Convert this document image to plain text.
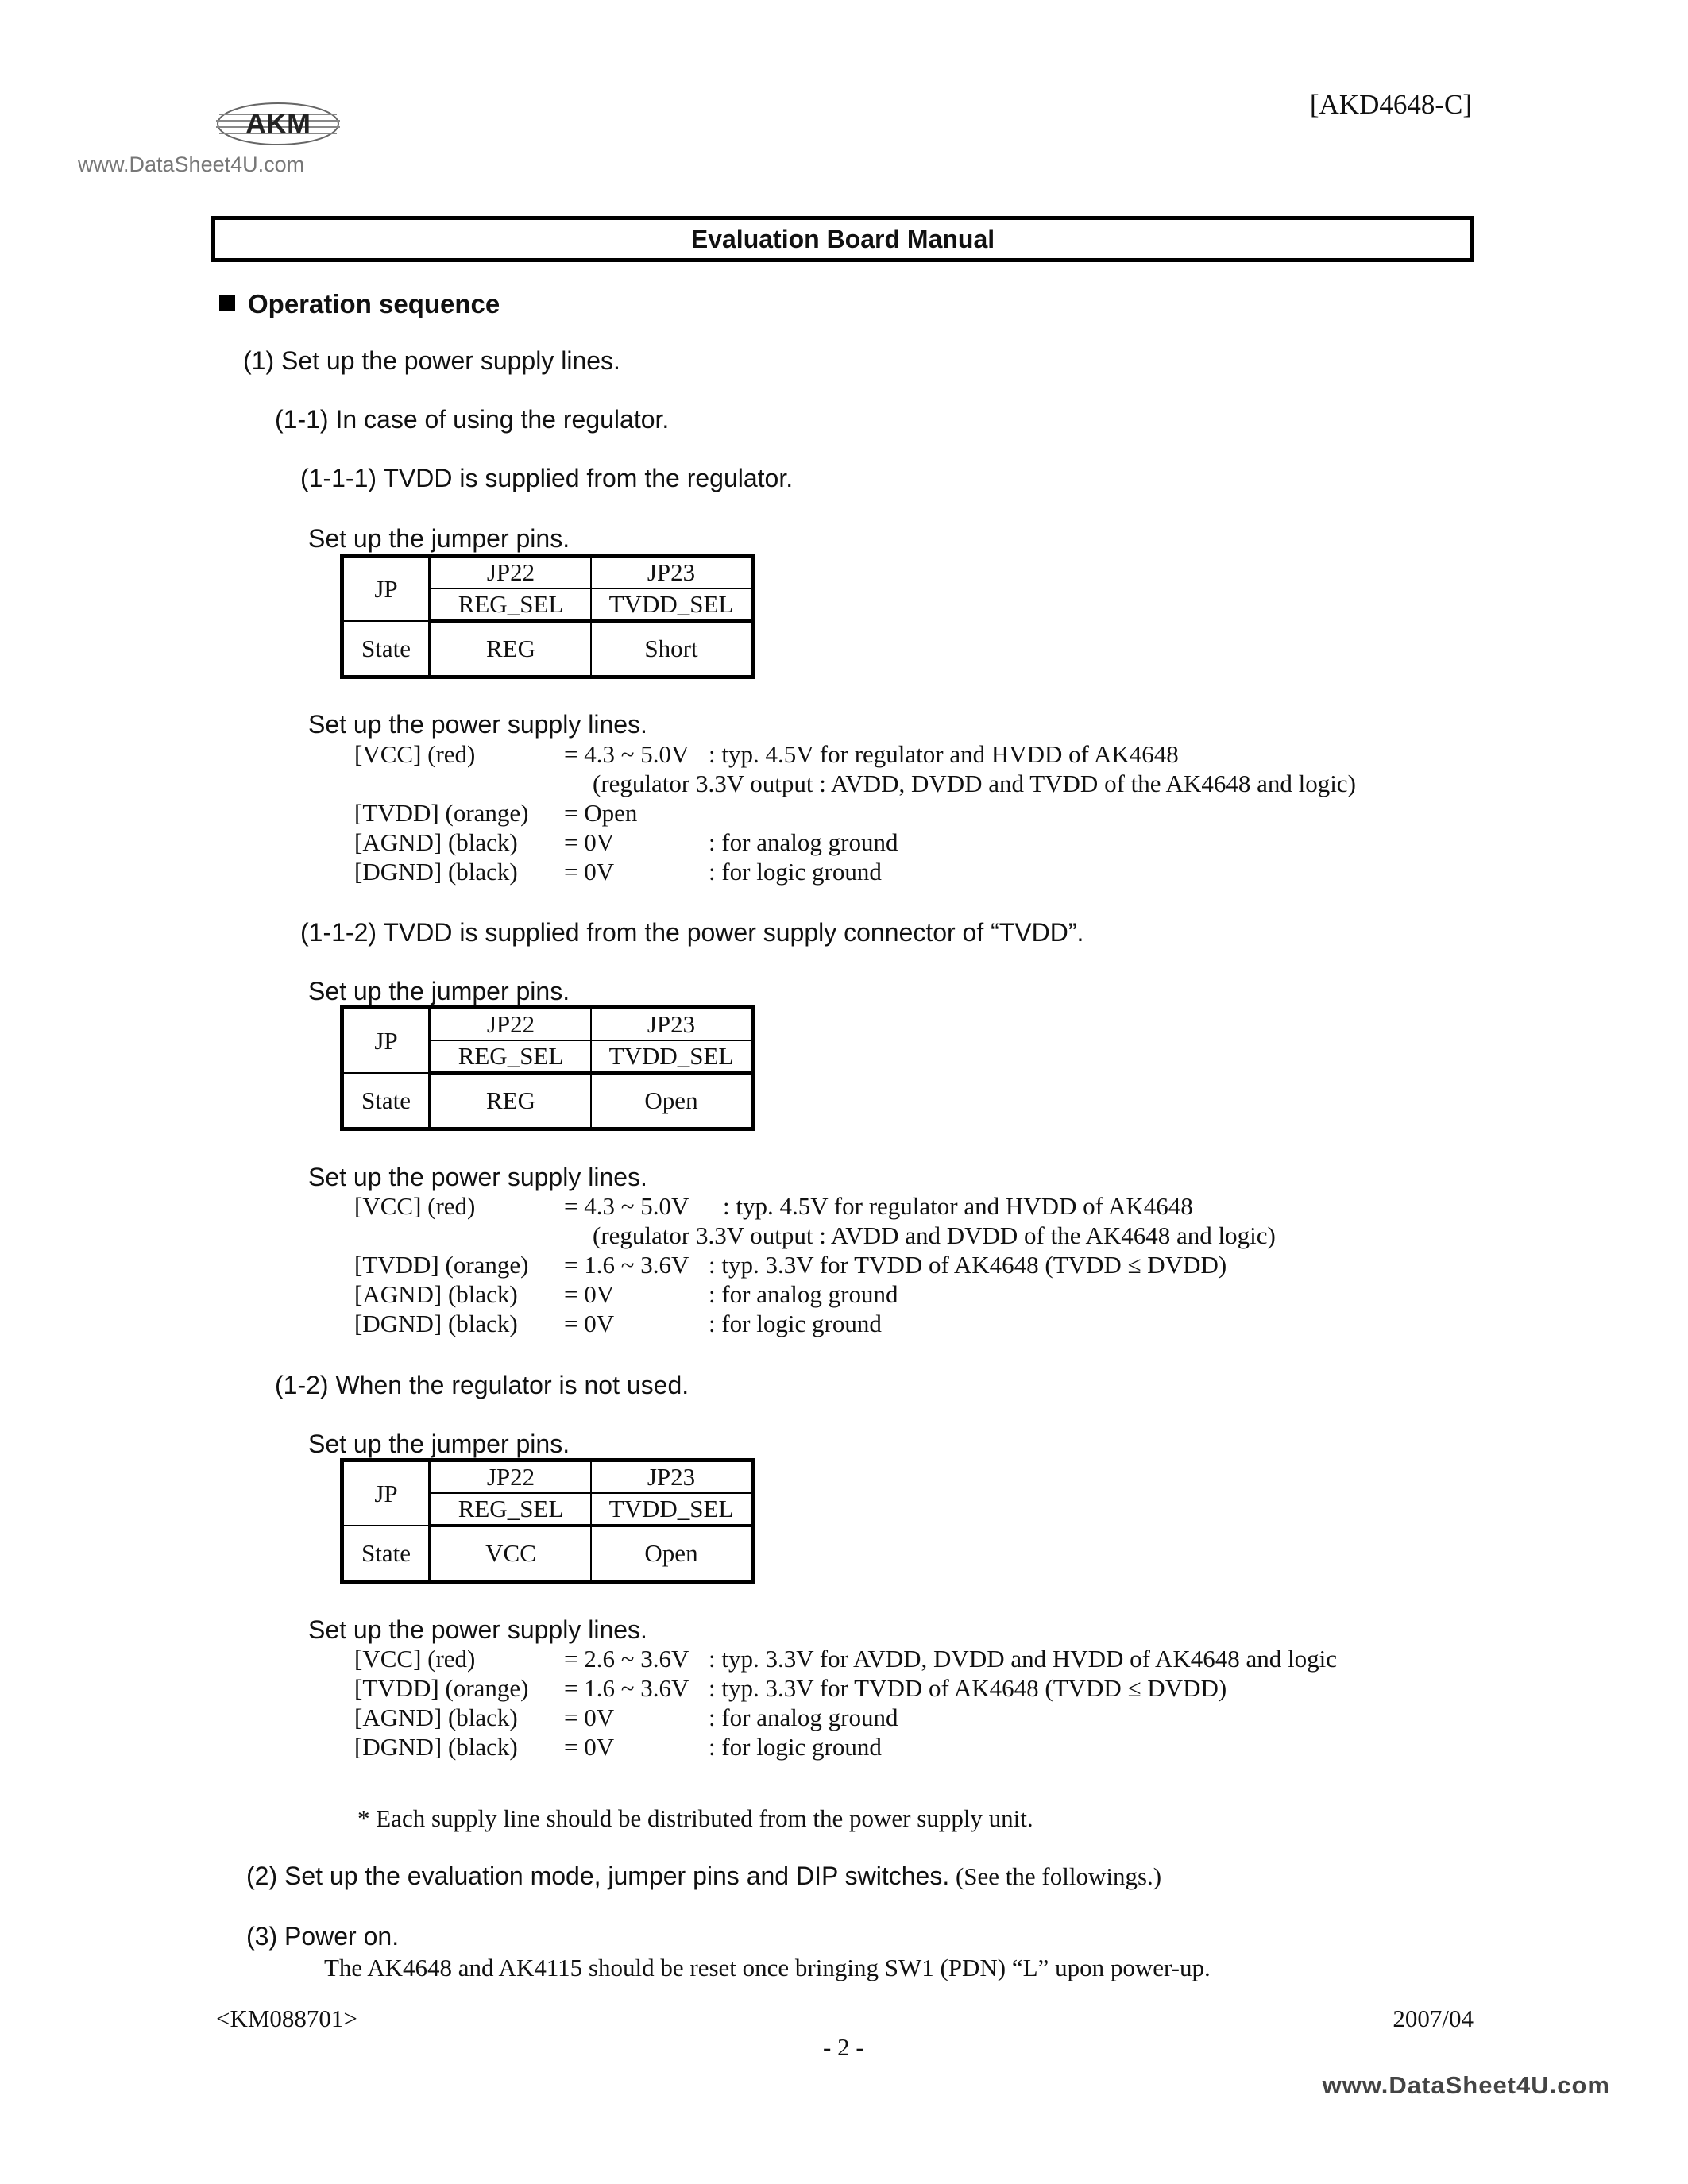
AKM
[AKD4648-C]
www.DataSheet4U.com
Evaluation Board Manual
Operation sequence
(1) Set up the power supply lines.
(1-1) In case of using the regulator.
(1-1-1) TVDD is supplied from the regulator.
Set up the jumper pins.
JP	JP22	JP23
	REG_SEL	TVDD_SEL
State	REG	Short
Set up the power supply lines.
[VCC] (red)	= 4.3 ~ 5.0V : typ. 4.5V for regulator and HVDD of AK4648
(regulator 3.3V output : AVDD, DVDD and TVDD of the AK4648 and logic)
[TVDD] (orange) = Open
[AGND] (black) = 0V	: for analog ground
[DGND] (black) = 0V	: for logic ground
(1-1-2) TVDD is supplied from the power supply connector of “TVDD”.
Set up the jumper pins.
JP	JP22	JP23
	REG_SEL	TVDD_SEL
State	REG	Open
Set up the power supply lines.
[VCC] (red)	= 4.3 ~ 5.0V : typ. 4.5V for regulator and HVDD of AK4648
(regulator 3.3V output : AVDD and DVDD of the AK4648 and logic)
[TVDD] (orange) = 1.6 ~ 3.6V : typ. 3.3V for TVDD of AK4648 (TVDD ≤ DVDD)
[AGND] (black) = 0V	: for analog ground
[DGND] (black) = 0V	: for logic ground
(1-2) When the regulator is not used.
Set up the jumper pins.
JP	JP22	JP23
	REG_SEL	TVDD_SEL
State	VCC	Open
Set up the power supply lines.
[VCC] (red)	= 2.6 ~ 3.6V : typ. 3.3V for AVDD, DVDD and HVDD of AK4648 and logic
[TVDD] (orange) = 1.6 ~ 3.6V : typ. 3.3V for TVDD of AK4648 (TVDD ≤ DVDD)
[AGND] (black) = 0V	: for analog ground
[DGND] (black) = 0V	: for logic ground
* Each supply line should be distributed from the power supply unit.
(2) Set up the evaluation mode, jumper pins and DIP switches. (See the followings.)
(3) Power on.
The AK4648 and AK4115 should be reset once bringing SW1 (PDN) “L” upon power-up.
<KM088701>	2007/04
- 2 -
www.DataSheet4U.com
